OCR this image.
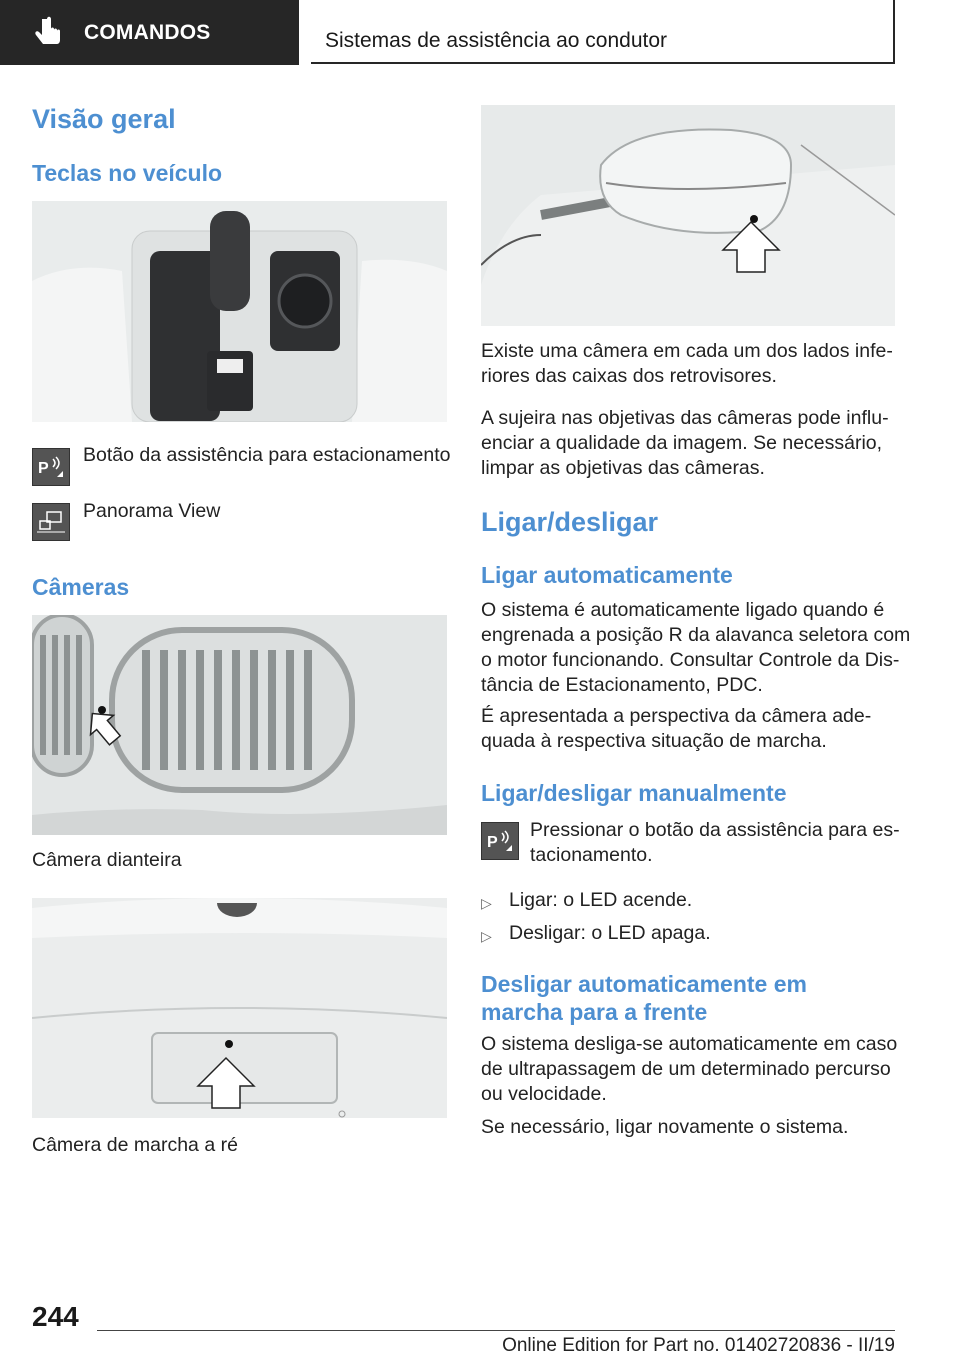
COMANDOS	Sistemas de assistência ao condutor
Visão geral
Teclas no veículo
P
Botão da assistência para estacionamento
Panorama View
Câmeras
Câmera dianteira
Câmera de marcha a ré
Existe uma câmera em cada um dos lados infe-
riores das caixas dos retrovisores.
A sujeira nas objetivas das câmeras pode influ-
enciar a qualidade da imagem. Se necessário,
limpar as objetivas das câmeras.
Ligar/desligar
Ligar automaticamente
O sistema é automaticamente ligado quando é
engrenada a posição R da alavanca seletora com
o motor funcionando. Consultar Controle da Dis-
tância de Estacionamento, PDC.
É apresentada a perspectiva da câmera ade-
quada à respectiva situação de marcha.
Ligar/desligar manualmente
P
Pressionar o botão da assistência para es-
tacionamento.
▷ Ligar: o LED acende.
▷ Desligar: o LED apaga.
Desligar automaticamente em
marcha para a frente
O sistema desliga-se automaticamente em caso
de ultrapassagem de um determinado percurso
ou velocidade.
Se necessário, ligar novamente o sistema.
244
Online Edition for Part no. 01402720836 - II/19
